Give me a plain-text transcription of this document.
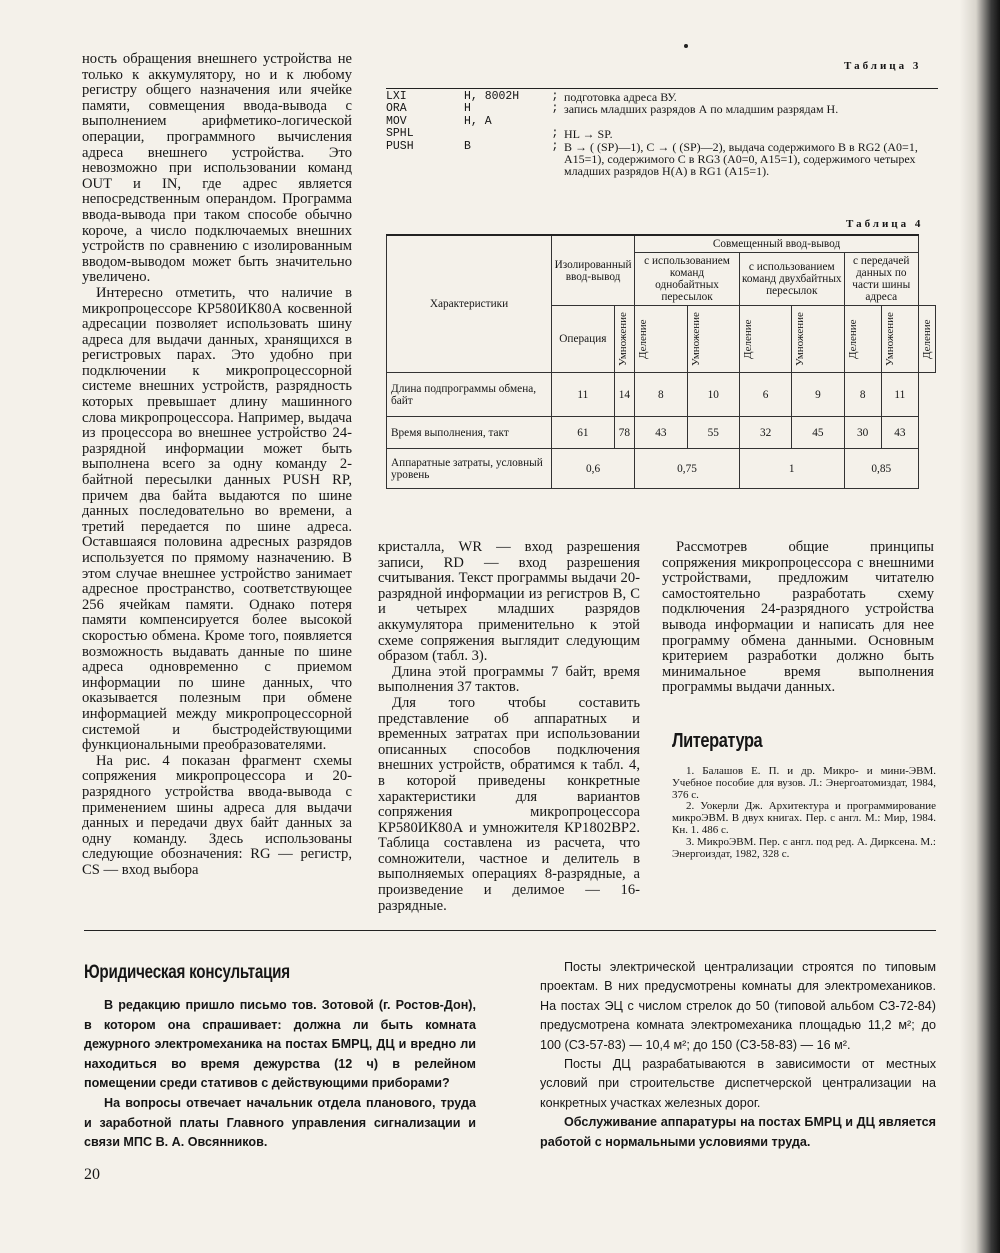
ность обращения внешнего устройства не только к аккумулятору, но и к любому регистру общего назначения или ячейке памяти, совмещения ввода-вывода с выполнением арифметико-логической операции, программного вычисления адреса внешнего устройства. Это невозможно при использовании команд OUT и IN, где адрес является непосредственным операндом. Программа ввода-вывода при таком способе обычно короче, а число подключаемых внешних устройств по сравнению с изолированным вводом-выводом может быть значительно увеличено.

Интересно отметить, что наличие в микропроцессоре КР580ИК80А косвенной адресации позволяет использовать шину адреса для выдачи данных, хранящихся в регистровых парах. Это удобно при подключении к микропроцессорной системе внешних устройств, разрядность которых превышает длину машинного слова микропроцессора. Например, выдача из процессора во внешнее устройство 24-разрядной информации может быть выполнена всего за одну команду 2-байтной пересылки данных PUSH RP, причем два байта выдаются по шине данных последовательно во времени, а третий передается по шине адреса. Оставшаяся половина адресных разрядов используется по прямому назначению. В этом случае внешнее устройство занимает адресное пространство, соответствующее 256 ячейкам памяти. Однако потеря памяти компенсируется более высокой скоростью обмена. Кроме того, появляется возможность выдавать данные по шине адреса одновременно с приемом информации по шине данных, что оказывается полезным при обмене информацией между микропроцессорной системой и быстродействующими функциональными преобразователями.

На рис. 4 показан фрагмент схемы сопряжения микропроцессора и 20-разрядного устройства ввода-вывода с применением шины адреса для выдачи данных и передачи двух байт данных за одну команду. Здесь использованы следующие обозначения: RG — регистр, CS — вход выбора

Таблица 3
LXI	H, 8002H	; подготовка адреса ВУ.
ORA	H	; запись младших разрядов А по младшим разрядам Н.
MOV	H, A
SPHL	; HL → SP.
PUSH	B	; B → ( (SP)—1), C → ( (SP)—2), выдача содержимого B в RG2 (A0=1, A15=1), содержимого C в RG3 (A0=0, A15=1), содержимого четырех младших разрядов Н(А) в RG1 (A15=1).
Таблица 4
Характеристики	Изолированный ввод-вывод		Совмещенный ввод-вывод						
			с использованием команд однобайтных пересылок		с использованием команд двухбайтных пересылок		с передачей данных по части шины адреса		
	Операция	Умножение	Деление	Умножение	Деление	Умножение	Деление	Умножение	Деление

Длина подпрограммы обмена, байт	11	14	8	10	6	9	8	11	
Время выполнения, такт	61	78	43	55	32	45	30	43	
Аппаратные затраты, условный уровень	0,6		0,75		1		0,85		

кристалла, WR — вход разрешения записи, RD — вход разрешения считывания. Текст программы выдачи 20-разрядной информации из регистров B, C и четырех младших разрядов аккумулятора применительно к этой схеме сопряжения выглядит следующим образом (табл. 3).

Длина этой программы 7 байт, время выполнения 37 тактов.

Для того чтобы составить представление об аппаратных и временных затратах при использовании описанных способов подключения внешних устройств, обратимся к табл. 4, в которой приведены конкретные характеристики для вариантов сопряжения микропроцессора КР580ИК80А и умножителя КР1802ВР2. Таблица составлена из расчета, что сомножители, частное и делитель в выполняемых операциях 8-разрядные, а произведение и делимое — 16-разрядные.

Рассмотрев общие принципы сопряжения микропроцессора с внешними устройствами, предложим читателю самостоятельно разработать схему подключения 24-разрядного устройства вывода информации и написать для нее программу обмена данными. Основным критерием разработки должно быть минимальное время выполнения программы выдачи данных.

Литература

1. Балашов Е. П. и др. Микро- и мини-ЭВМ. Учебное пособие для вузов. Л.: Энергоатомиздат, 1984, 376 с.

2. Уокерли Дж. Архитектура и программирование микроЭВМ. В двух книгах. Пер. с англ. М.: Мир, 1984. Кн. 1. 486 с.

3. МикроЭВМ. Пер. с англ. под ред. А. Дирксена. М.: Энергоиздат, 1982, 328 с.

Юридическая консультация

В редакцию пришло письмо тов. Зотовой (г. Ростов-Дон), в котором она спрашивает: должна ли быть комната дежурного электромеханика на постах БМРЦ, ДЦ и вредно ли находиться во время дежурства (12 ч) в релейном помещении среди стативов с действующими приборами?

На вопросы отвечает начальник отдела планового, труда и заработной платы Главного управления сигнализации и связи МПС В. А. Овсянников.

Посты электрической централизации строятся по типовым проектам. В них предусмотрены комнаты для электромехаников. На постах ЭЦ с числом стрелок до 50 (типовой альбом СЗ-72-84) предусмотрена комната электромеханика площадью 11,2 м²; до 100 (СЗ-57-83) — 10,4 м²; до 150 (СЗ-58-83) — 16 м².

Посты ДЦ разрабатываются в зависимости от местных условий при строительстве диспетчерской централизации на конкретных участках железных дорог.

Обслуживание аппаратуры на постах БМРЦ и ДЦ является работой с нормальными условиями труда.

20
